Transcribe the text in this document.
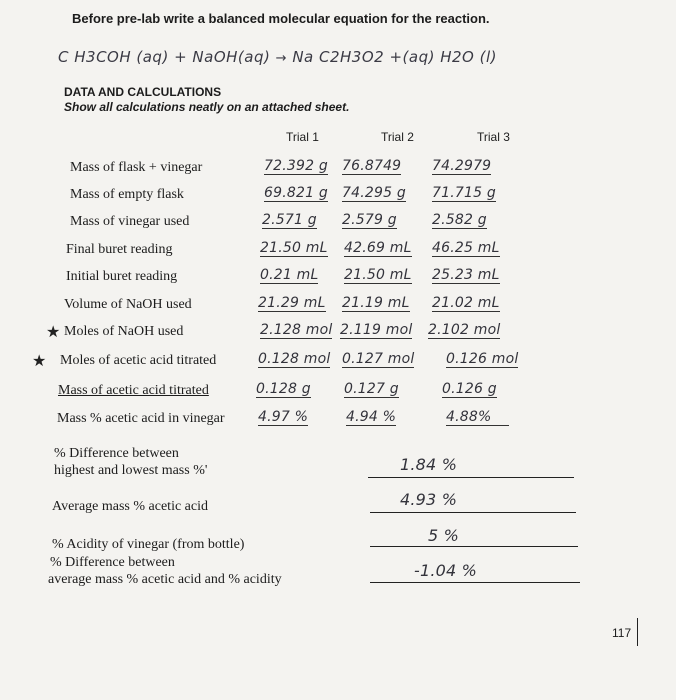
Before pre-lab write a balanced molecular equation for the reaction.
C H3COH (aq) + NaOH(aq) → Na C2H3O2 +(aq) H2O (l)
DATA AND CALCULATIONS
Show all calculations neatly on an attached sheet.
Trial 1	Trial 2	Trial 3
Mass of flask + vinegar	72.392 g 76.8749 74.2979
Mass of empty flask	69.821 g 74.295 g 71.715 g
Mass of vinegar used	2.571 g 2.579 g	2.582 g
Final buret reading	21.50 mL 42.69 mL 46.25 mL
Initial buret reading	0.21 mL 21.50 mL 25.23 mL
Volume of NaOH used	21.29 mL 21.19 mL 21.02 mL
★ Moles of NaOH used	2.128 mol 2.119 mol 2.102 mol
★ Moles of acetic acid titrated	0.128 mol 0.127 mol 0.126 mol
Mass of acetic acid titrated	0.128 g 0.127 g	0.126 g
Mass % acetic acid in vinegar 4.97 %	4.94 %	4.88%
% Difference between
highest and lowest mass %'	1.84 %
Average mass % acetic acid	4.93 %
% Acidity of vinegar (from bottle)	5 %
% Difference between
average mass % acetic acid and % acidity	-1.04 %
117
